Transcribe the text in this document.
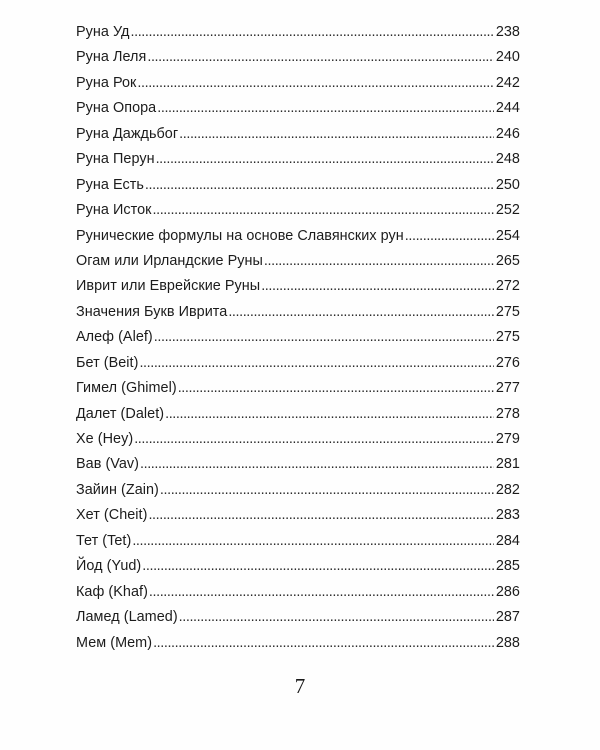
Руна Уд . . .	238
Руна Леля . . .	240
Руна Рок . . .	242
Руна Опора . . .	244
Руна Даждьбог . . .	246
Руна Перун . . .	248
Руна Есть . . .	250
Руна Исток . . .	252
Рунические формулы на основе Славянских рун . . .	254
Огам или Ирландские Руны . . .	265
Иврит или Еврейские Руны . . .	272
Значения Букв Иврита . . .	275
Алеф (Alef) . . .	275
Бет (Beit) . . .	276
Гимел (Ghimel) . . .	277
Далет (Dalet) . . .	278
Хе (Hey) . . .	279
Вав (Vav) . . .	281
Зайин (Zain) . . .	282
Хет (Cheit) . . .	283
Тет (Tet) . . .	284
Йод (Yud) . . .	285
Каф (Khaf) . . .	286
Ламед (Lamed) . . .	287
Мем (Mem) . . .	288
7
